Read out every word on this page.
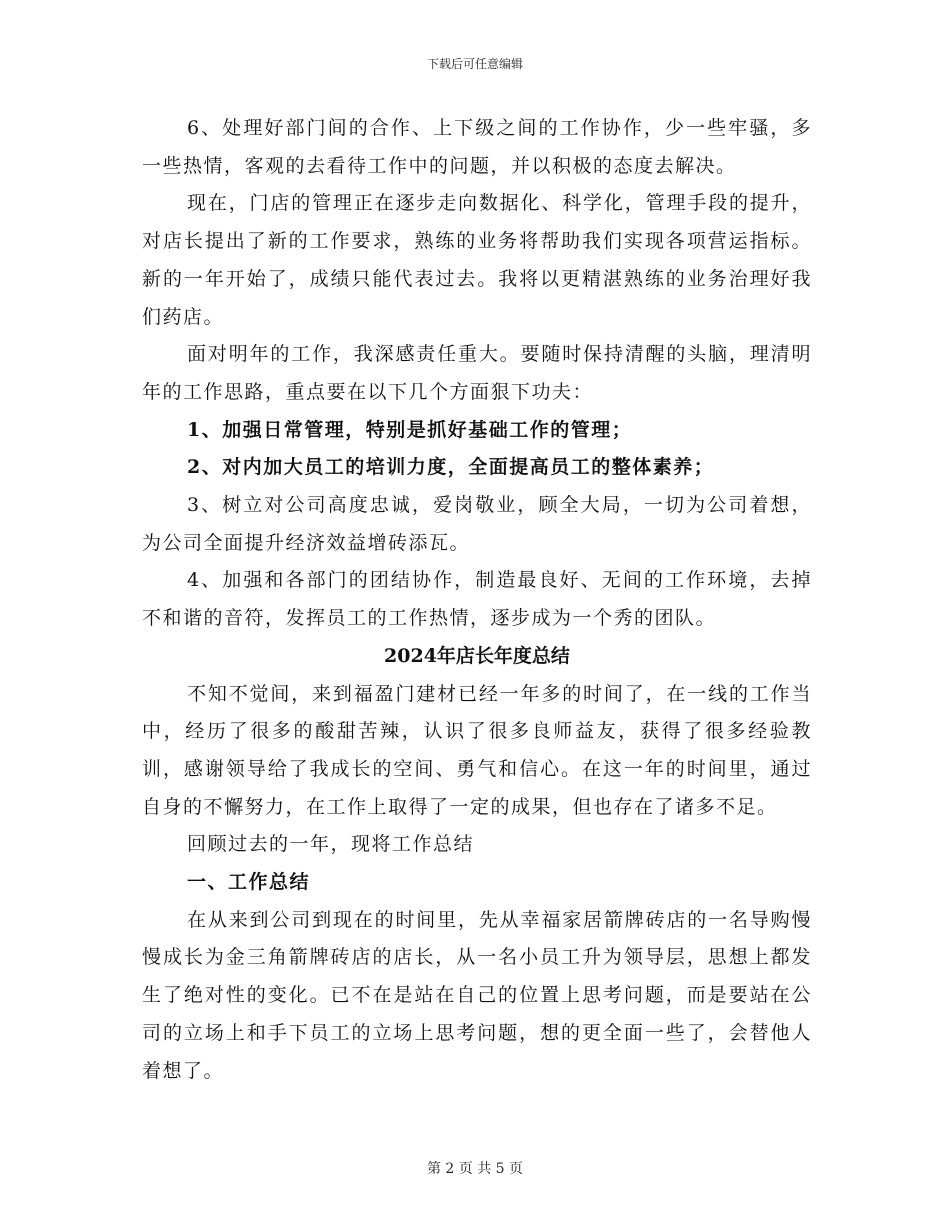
下载后可任意编辑

6、处理好部门间的合作、上下级之间的工作协作，少一些牢骚，多一些热情，客观的去看待工作中的问题，并以积极的态度去解决。

现在，门店的管理正在逐步走向数据化、科学化，管理手段的提升，对店长提出了新的工作要求，熟练的业务将帮助我们实现各项营运指标。新的一年开始了，成绩只能代表过去。我将以更精湛熟练的业务治理好我们药店。

面对明年的工作，我深感责任重大。要随时保持清醒的头脑，理清明年的工作思路，重点要在以下几个方面狠下功夫：

1、加强日常管理，特别是抓好基础工作的管理；

2、对内加大员工的培训力度，全面提高员工的整体素养；

3、树立对公司高度忠诚，爱岗敬业，顾全大局，一切为公司着想，为公司全面提升经济效益增砖添瓦。

4、加强和各部门的团结协作，制造最良好、无间的工作环境，去掉不和谐的音符，发挥员工的工作热情，逐步成为一个秀的团队。

2024年店长年度总结

不知不觉间，来到福盈门建材已经一年多的时间了，在一线的工作当中，经历了很多的酸甜苦辣，认识了很多良师益友，获得了很多经验教训，感谢领导给了我成长的空间、勇气和信心。在这一年的时间里，通过自身的不懈努力，在工作上取得了一定的成果，但也存在了诸多不足。

回顾过去的一年，现将工作总结

一、工作总结

在从来到公司到现在的时间里，先从幸福家居箭牌砖店的一名导购慢慢成长为金三角箭牌砖店的店长，从一名小员工升为领导层，思想上都发生了绝对性的变化。已不在是站在自己的位置上思考问题，而是要站在公司的立场上和手下员工的立场上思考问题，想的更全面一些了，会替他人着想了。

第 2 页 共 5 页
